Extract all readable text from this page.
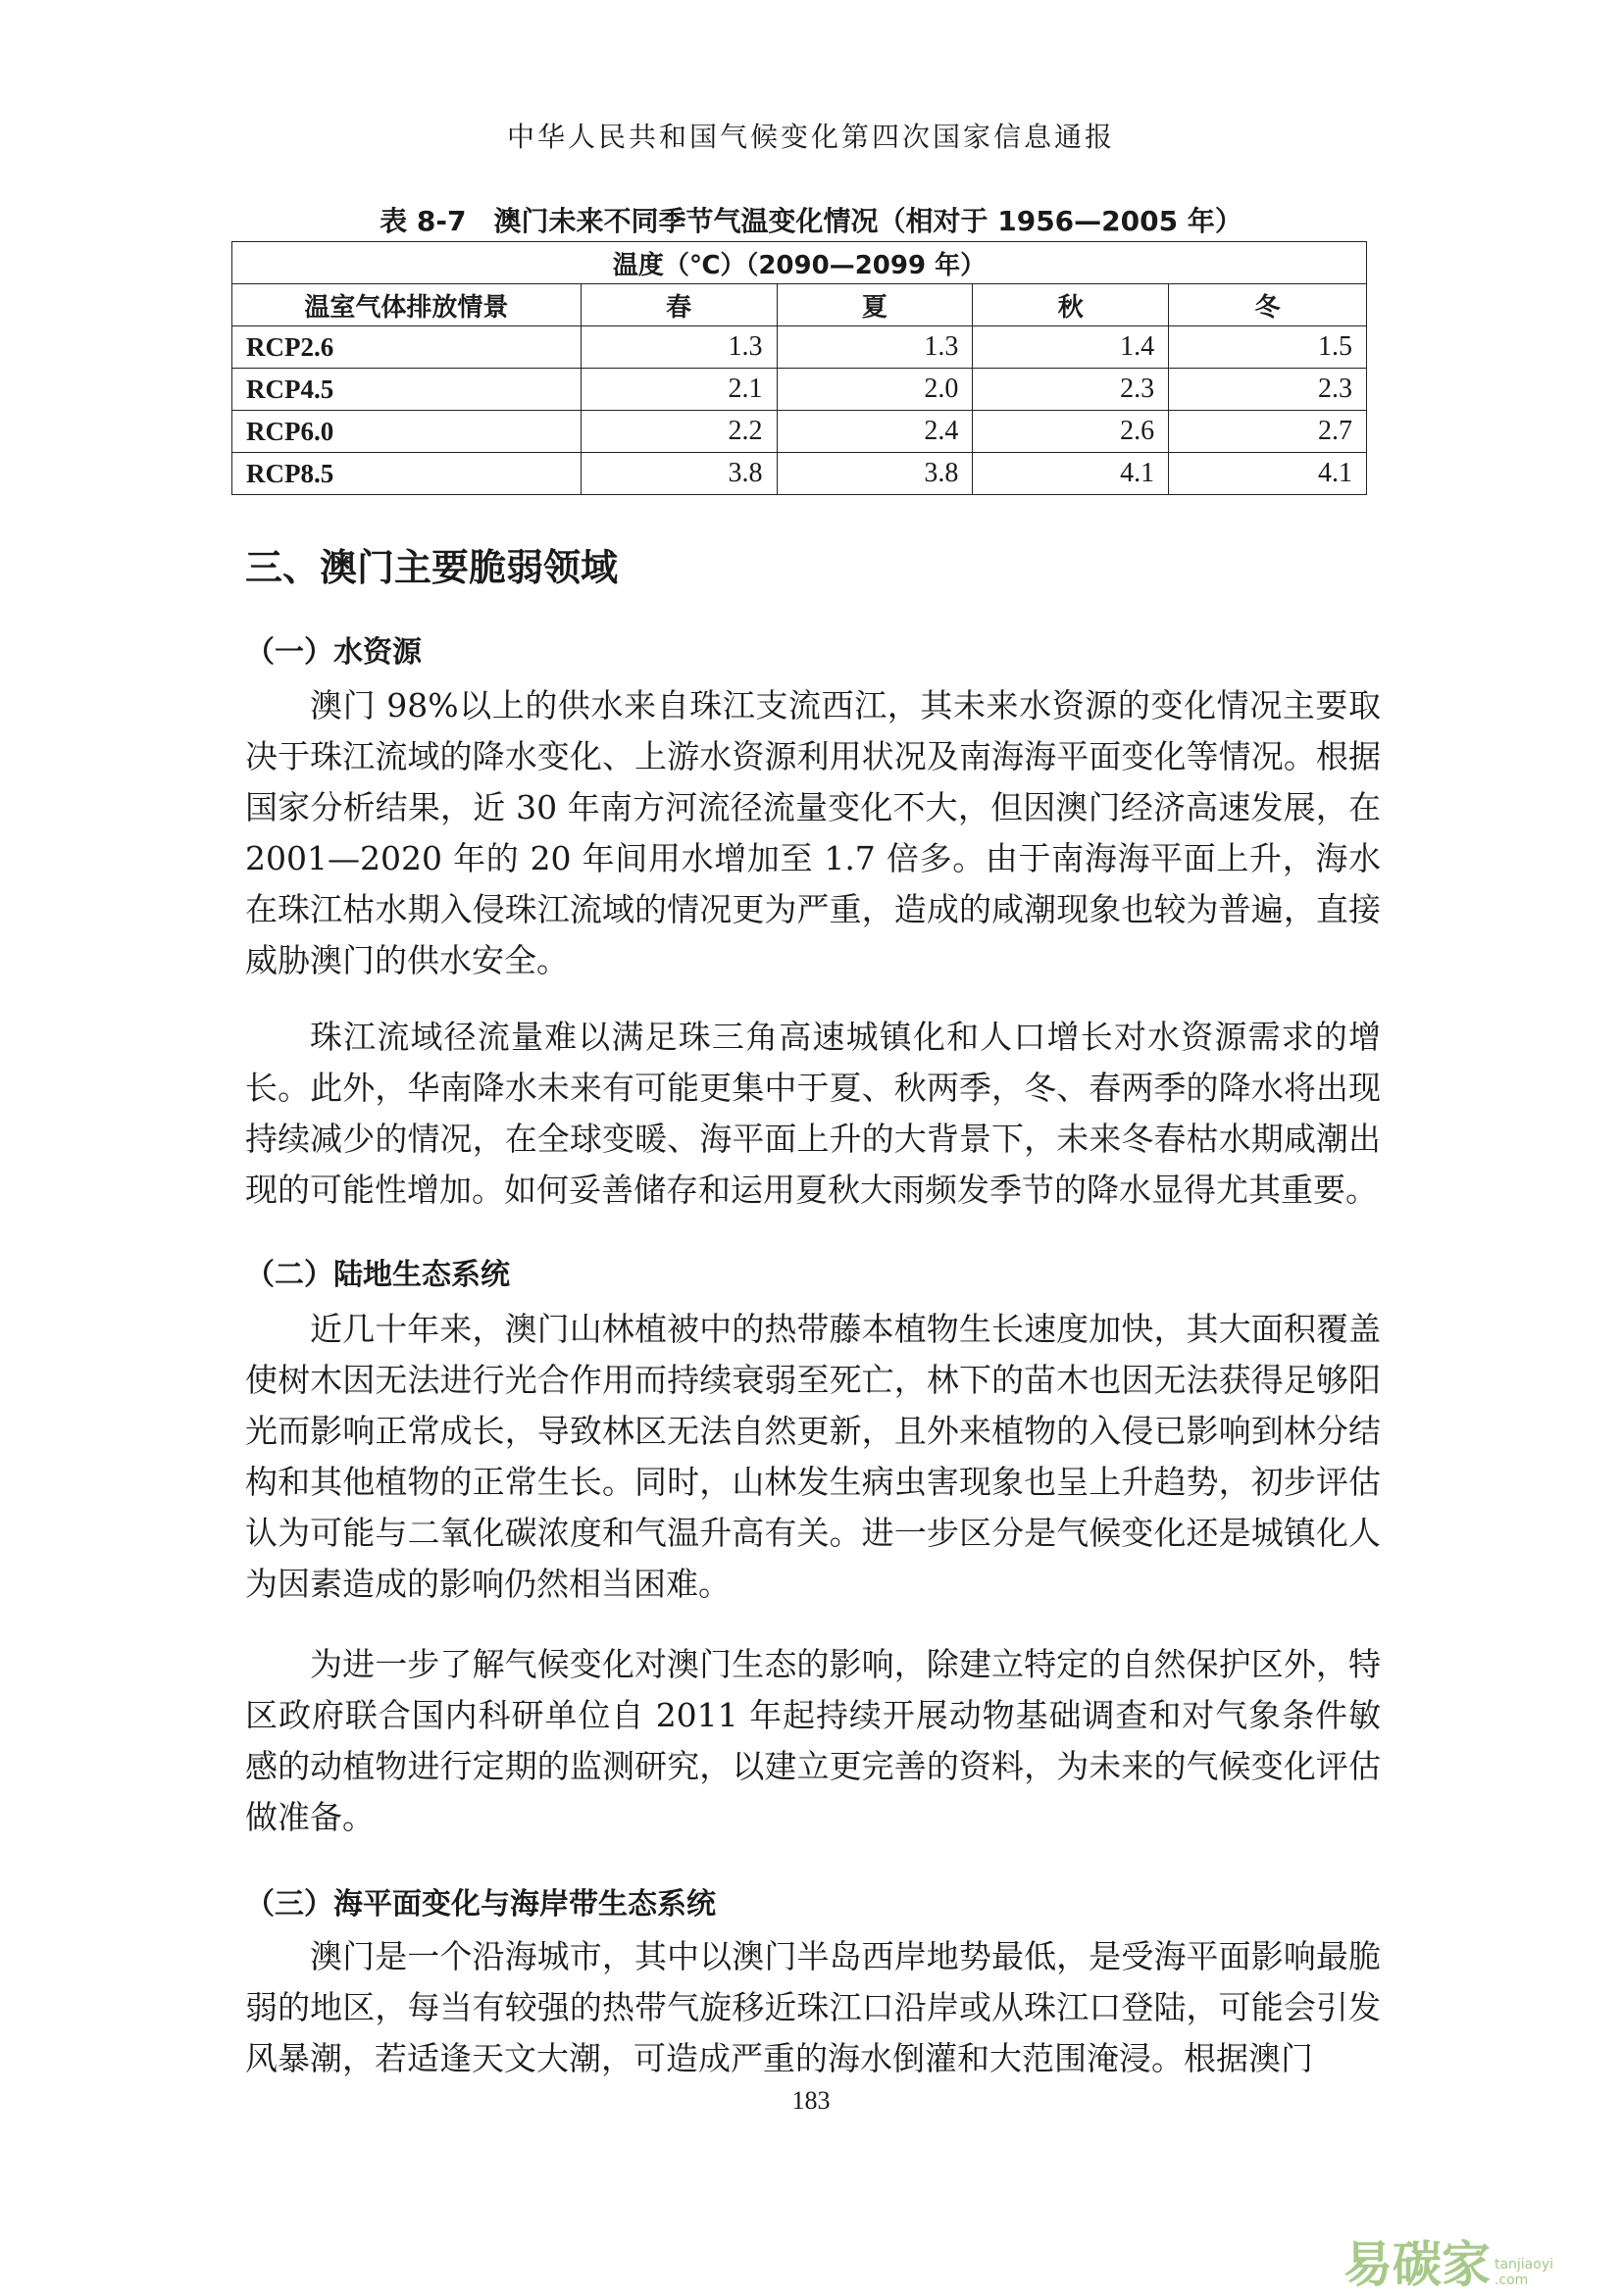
中华人民共和国气候变化第四次国家信息通报
表 8-7　澳门未来不同季节气温变化情况（相对于 1956—2005 年）
温度（℃）（2090—2099 年）				
温室气体排放情景	春	夏	秋	冬
RCP2.6	1.3	1.3	1.4	1.5
RCP4.5	2.1	2.0	2.3	2.3
RCP6.0	2.2	2.4	2.6	2.7
RCP8.5	3.8	3.8	4.1	4.1
三、澳门主要脆弱领域
（一）水资源

澳门 98%以上的供水来自珠江支流西江，其未来水资源的变化情况主要取决于珠江流域的降水变化、上游水资源利用状况及南海海平面变化等情况。根据国家分析结果，近 30 年南方河流径流量变化不大，但因澳门经济高速发展，在 2001—2020 年的 20 年间用水增加至 1.7 倍多。由于南海海平面上升，海水在珠江枯水期入侵珠江流域的情况更为严重，造成的咸潮现象也较为普遍，直接威胁澳门的供水安全。

珠江流域径流量难以满足珠三角高速城镇化和人口增长对水资源需求的增长。此外，华南降水未来有可能更集中于夏、秋两季，冬、春两季的降水将出现持续减少的情况，在全球变暖、海平面上升的大背景下，未来冬春枯水期咸潮出现的可能性增加。如何妥善储存和运用夏秋大雨频发季节的降水显得尤其重要。

（二）陆地生态系统

近几十年来，澳门山林植被中的热带藤本植物生长速度加快，其大面积覆盖使树木因无法进行光合作用而持续衰弱至死亡，林下的苗木也因无法获得足够阳光而影响正常成长，导致林区无法自然更新，且外来植物的入侵已影响到林分结构和其他植物的正常生长。同时，山林发生病虫害现象也呈上升趋势，初步评估认为可能与二氧化碳浓度和气温升高有关。进一步区分是气候变化还是城镇化人为因素造成的影响仍然相当困难。

为进一步了解气候变化对澳门生态的影响，除建立特定的自然保护区外，特区政府联合国内科研单位自 2011 年起持续开展动物基础调查和对气象条件敏感的动植物进行定期的监测研究，以建立更完善的资料，为未来的气候变化评估做准备。

（三）海平面变化与海岸带生态系统

澳门是一个沿海城市，其中以澳门半岛西岸地势最低，是受海平面影响最脆弱的地区，每当有较强的热带气旋移近珠江口沿岸或从珠江口登陆，可能会引发风暴潮，若适逢天文大潮，可造成严重的海水倒灌和大范围淹浸。根据澳门

183
易碳家 tanjiaoyi
.com
